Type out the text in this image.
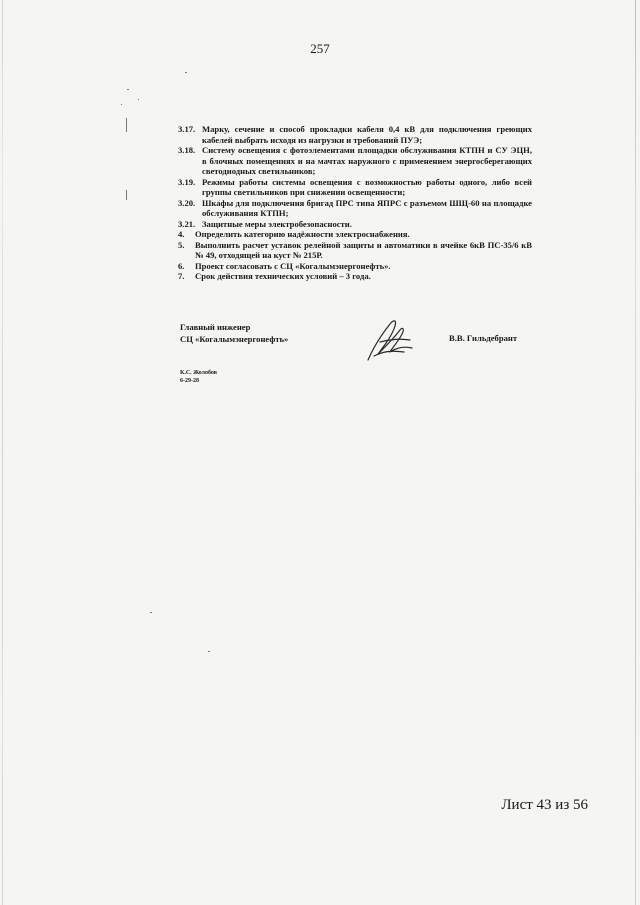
257
3.17. Марку, сечение и способ прокладки кабеля 0,4 кВ для подключения греющих кабелей выбрать исходя из нагрузки и требований ПУЭ;
3.18. Систему освещения с фотоэлементами площадки обслуживания КТПН и СУ ЭЦН, в блочных помещениях и на мачтах наружного с применением энергосберегающих светодиодных светильников;
3.19. Режимы работы системы освещения с возможностью работы одного, либо всей группы светильников при снижении освещенности;
3.20. Шкафы для подключения бригад ПРС типа ЯПРС с разъемом ШЩ-60 на площадке обслуживания КТПН;
3.21. Защитные меры электробезопасности.
4.	Определить категорию надёжности электроснабжения.
5.	Выполнить расчет уставок релейной защиты и автоматики в ячейке 6кВ ПС-35/6 кВ № 49, отходящей на куст № 215Р.
6.	Проект согласовать с СЦ «Когалымэнергонефть».
7.	Срок действия технических условий – 3 года.
Главный инженер
СЦ «Когалымэнергонефть»	В.В. Гильдебрант
К.С. Жолобов
6-29-28
Лист 43 из 56
